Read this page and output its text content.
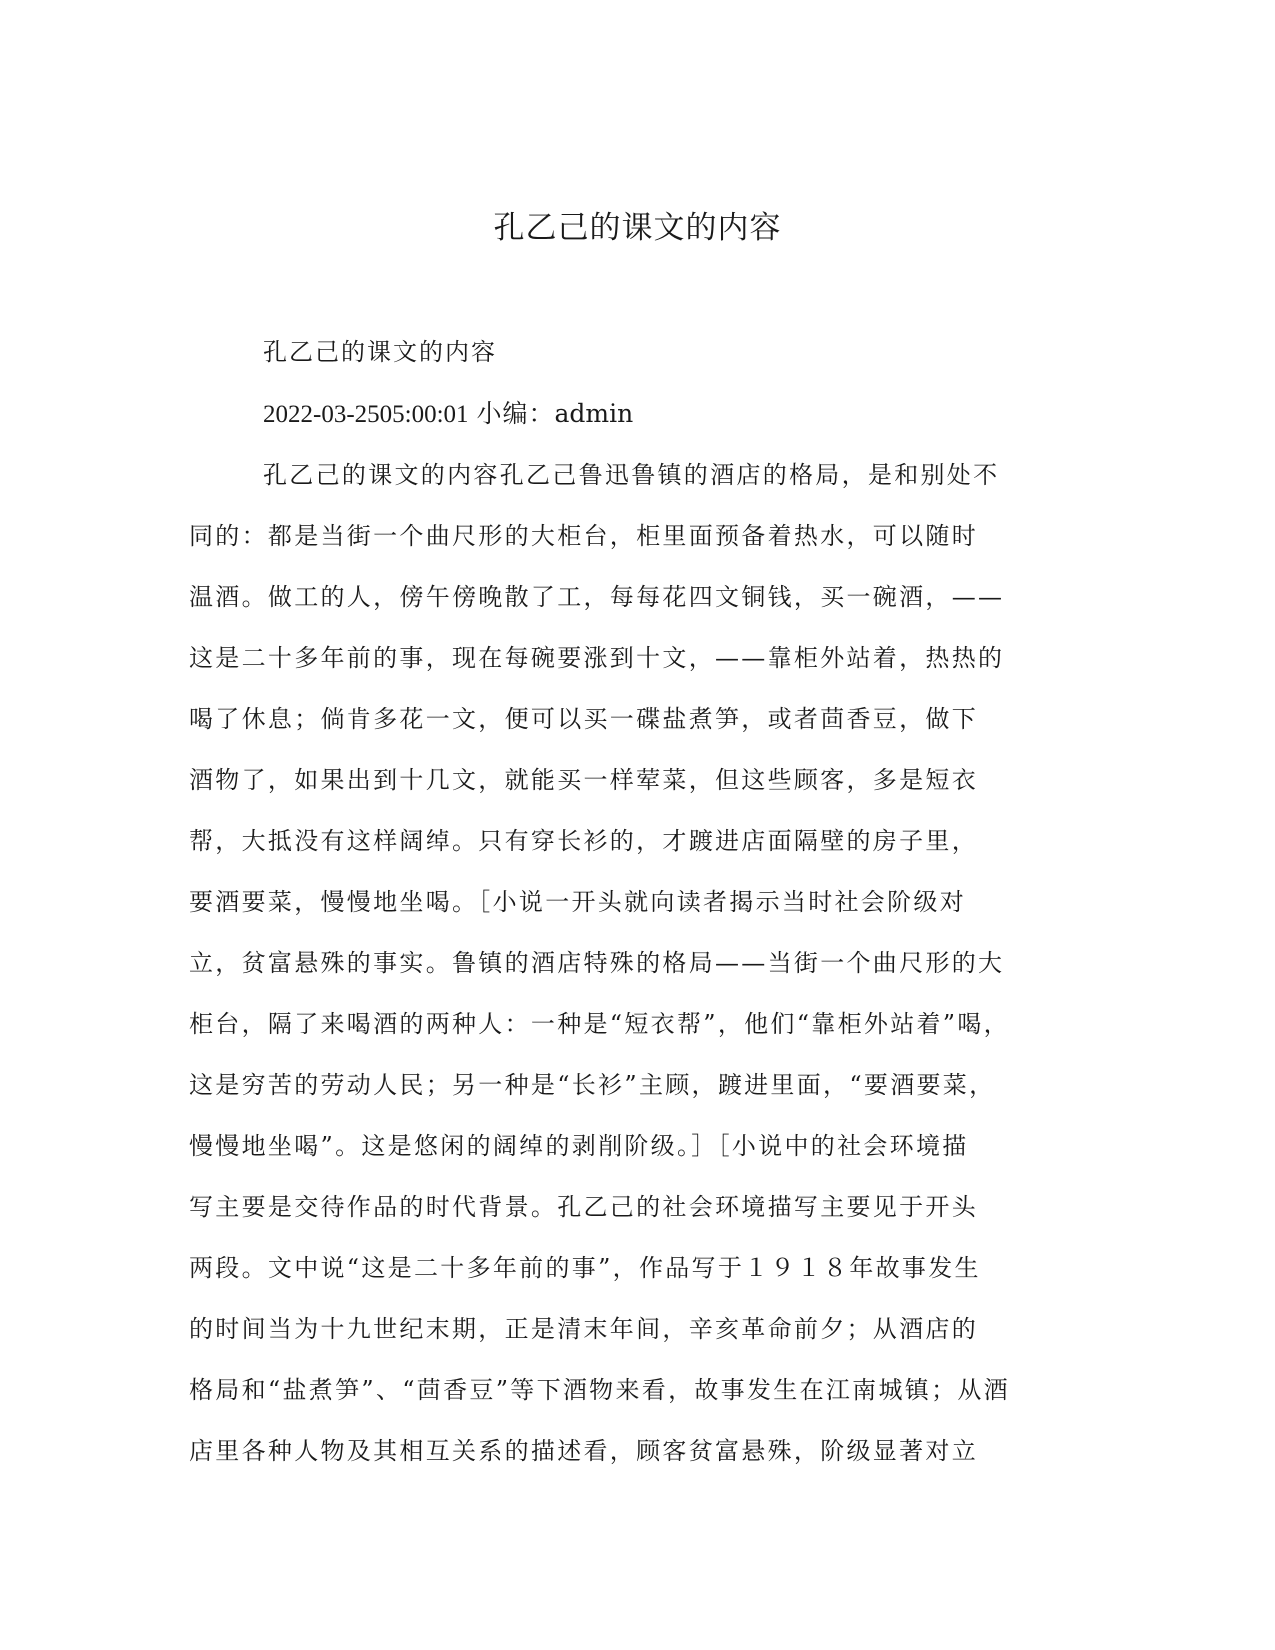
孔乙己的课文的内容

孔乙己的课文的内容

2022-03-2505:00:01 小编：admin

孔乙己的课文的内容孔乙己鲁迅鲁镇的酒店的格局，是和别处不
同的：都是当街一个曲尺形的大柜台，柜里面预备着热水，可以随时
温酒。做工的人，傍午傍晚散了工，每每花四文铜钱，买一碗酒，——
这是二十多年前的事，现在每碗要涨到十文，——靠柜外站着，热热的
喝了休息；倘肯多花一文，便可以买一碟盐煮笋，或者茴香豆，做下
酒物了，如果出到十几文，就能买一样荤菜，但这些顾客，多是短衣
帮，大抵没有这样阔绰。只有穿长衫的，才踱进店面隔壁的房子里，
要酒要菜，慢慢地坐喝。［小说一开头就向读者揭示当时社会阶级对
立，贫富悬殊的事实。鲁镇的酒店特殊的格局——当街一个曲尺形的大
柜台，隔了来喝酒的两种人：一种是“短衣帮”，他们“靠柜外站着”喝，
这是穷苦的劳动人民；另一种是“长衫”主顾，踱进里面，“要酒要菜，
慢慢地坐喝”。这是悠闲的阔绰的剥削阶级。］［小说中的社会环境描
写主要是交待作品的时代背景。孔乙己的社会环境描写主要见于开头
两段。文中说“这是二十多年前的事”，作品写于１９１８年故事发生
的时间当为十九世纪末期，正是清末年间，辛亥革命前夕；从酒店的
格局和“盐煮笋”、“茴香豆”等下酒物来看，故事发生在江南城镇；从酒
店里各种人物及其相互关系的描述看，顾客贫富悬殊，阶级显著对立
